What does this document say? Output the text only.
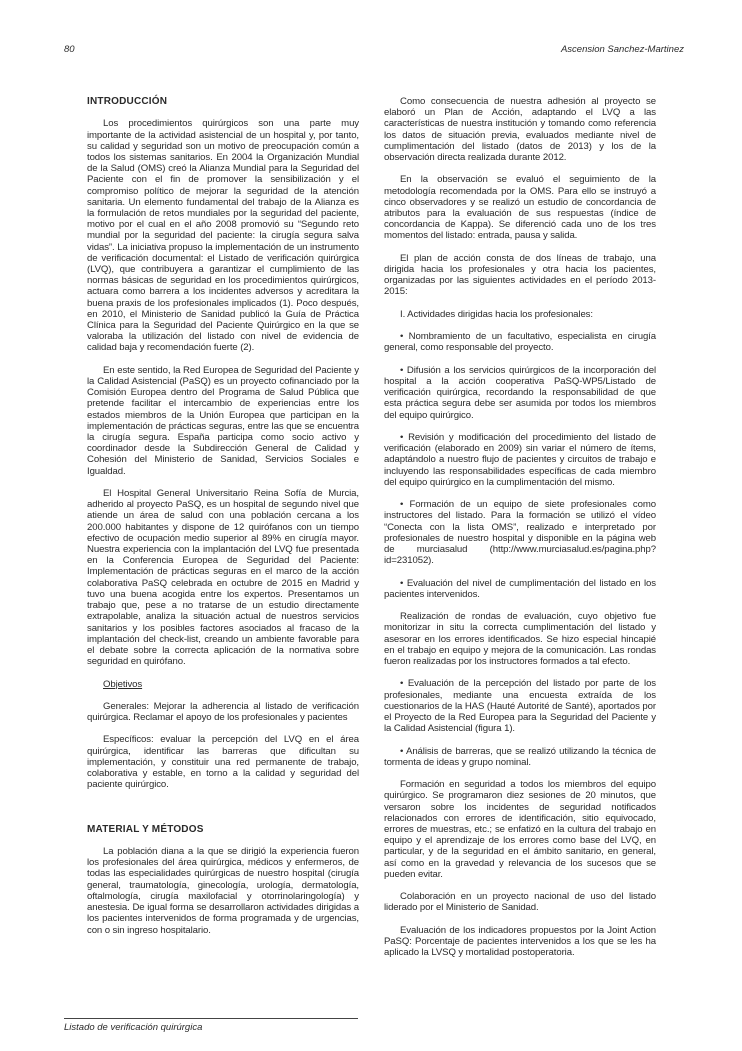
80	Ascension Sanchez-Martinez
INTRODUCCIÓN

Los procedimientos quirúrgicos son una parte muy importante de la actividad asistencial de un hospital y, por tanto, su calidad y seguridad son un motivo de preocupación común a todos los sistemas sanitarios. En 2004 la Organización Mundial de la Salud (OMS) creó la Alianza Mundial para la Seguridad del Paciente con el fin de promover la sensibilización y el compromiso político de mejorar la seguridad de la atención sanitaria. Un elemento fundamental del trabajo de la Alianza es la formulación de retos mundiales por la seguridad del paciente, motivo por el cual en el año 2008 promovió su “Segundo reto mundial por la seguridad del paciente: la cirugía segura salva vidas”. La iniciativa propuso la implementación de un instrumento de verificación documental: el Listado de verificación quirúrgica (LVQ), que contribuyera a garantizar el cumplimiento de las normas básicas de seguridad en los procedimientos quirúrgicos, actuara como barrera a los incidentes adversos y acreditara la buena praxis de los profesionales implicados (1). Poco después, en 2010, el Ministerio de Sanidad publicó la Guía de Práctica Clínica para la Seguridad del Paciente Quirúrgico en la que se valoraba la utilización del listado con nivel de evidencia de calidad baja y recomendación fuerte (2).

En este sentido, la Red Europea de Seguridad del Paciente y la Calidad Asistencial (PaSQ) es un proyecto cofinanciado por la Comisión Europea dentro del Programa de Salud Pública que pretende facilitar el intercambio de experiencias entre los estados miembros de la Unión Europea que participan en la implementación de prácticas seguras, entre las que se encuentra la cirugía segura. España participa como socio activo y coordinador desde la Subdirección General de Calidad y Cohesión del Ministerio de Sanidad, Servicios Sociales e Igualdad.

El Hospital General Universitario Reina Sofía de Murcia, adherido al proyecto PaSQ, es un hospital de segundo nivel que atiende un área de salud con una población cercana a los 200.000 habitantes y dispone de 12 quirófanos con un tiempo efectivo de ocupación medio superior al 89% en cirugía mayor. Nuestra experiencia con la implantación del LVQ fue presentada en la Conferencia Europea de Seguridad del Paciente: Implementación de prácticas seguras en el marco de la acción colaborativa PaSQ celebrada en octubre de 2015 en Madrid y tuvo una buena acogida entre los expertos. Presentamos un trabajo que, pese a no tratarse de un estudio directamente extrapolable, analiza la situación actual de nuestros servicios sanitarios y los posibles factores asociados al fracaso de la implantación del check-list, creando un ambiente favorable para el debate sobre la correcta aplicación de la normativa sobre seguridad en quirófano.

Objetivos

Generales: Mejorar la adherencia al listado de verificación quirúrgica. Reclamar el apoyo de los profesionales y pacientes

Específicos: evaluar la percepción del LVQ en el área quirúrgica, identificar las barreras que dificultan su implementación, y constituir una red permanente de trabajo, colaborativa y estable, en torno a la calidad y seguridad del paciente quirúrgico.

MATERIAL Y MÉTODOS

La población diana a la que se dirigió la experiencia fueron los profesionales del área quirúrgica, médicos y enfermeros, de todas las especialidades quirúrgicas de nuestro hospital (cirugía general, traumatología, ginecología, urología, dermatología, oftalmología, cirugía maxilofacial y otorrinolaringología) y anestesia. De igual forma se desarrollaron actividades dirigidas a los pacientes intervenidos de forma programada y de urgencias, con o sin ingreso hospitalario.

Como consecuencia de nuestra adhesión al proyecto se elaboró un Plan de Acción, adaptando el LVQ a las características de nuestra institución y tomando como referencia los datos de situación previa, evaluados mediante nivel de cumplimentación del listado (datos de 2013) y los de la observación directa realizada durante 2012.

En la observación se evaluó el seguimiento de la metodología recomendada por la OMS. Para ello se instruyó a cinco observadores y se realizó un estudio de concordancia de atributos para la evaluación de sus respuestas (índice de concordancia de Kappa). Se diferenció cada uno de los tres momentos del listado: entrada, pausa y salida.

El plan de acción consta de dos líneas de trabajo, una dirigida hacia los profesionales y otra hacia los pacientes, organizadas por las siguientes actividades en el período 2013-2015:

I. Actividades dirigidas hacia los profesionales:

• Nombramiento de un facultativo, especialista en cirugía general, como responsable del proyecto.

• Difusión a los servicios quirúrgicos de la incorporación del hospital a la acción cooperativa PaSQ-WP5/Listado de verificación quirúrgica, recordando la responsabilidad de que esta práctica segura debe ser asumida por todos los miembros del equipo quirúrgico.

• Revisión y modificación del procedimiento del listado de verificación (elaborado en 2009) sin variar el número de ítems, adaptándolo a nuestro flujo de pacientes y circuitos de trabajo e incluyendo las responsabilidades específicas de cada miembro del equipo quirúrgico en la cumplimentación del mismo.

• Formación de un equipo de siete profesionales como instructores del listado. Para la formación se utilizó el vídeo “Conecta con la lista OMS”, realizado e interpretado por profesionales de nuestro hospital y disponible en la página web de murciasalud (http://www.murciasalud.es/pagina.php?id=231052).

• Evaluación del nivel de cumplimentación del listado en los pacientes intervenidos.

Realización de rondas de evaluación, cuyo objetivo fue monitorizar in situ la correcta cumplimentación del listado y asesorar en los errores identificados. Se hizo especial hincapié en el trabajo en equipo y mejora de la comunicación. Las rondas fueron realizadas por los instructores formados a tal efecto.

• Evaluación de la percepción del listado por parte de los profesionales, mediante una encuesta extraída de los cuestionarios de la HAS (Hauté Autorité de Santé), aportados por el Proyecto de la Red Europea para la Seguridad del Paciente y la Calidad Asistencial (figura 1).

• Análisis de barreras, que se realizó utilizando la técnica de tormenta de ideas y grupo nominal.

Formación en seguridad a todos los miembros del equipo quirúrgico. Se programaron diez sesiones de 20 minutos, que versaron sobre los incidentes de seguridad notificados relacionados con errores de identificación, sitio equivocado, errores de muestras, etc.; se enfatizó en la cultura del trabajo en equipo y el aprendizaje de los errores como base del LVQ, en particular, y de la seguridad en el ámbito sanitario, en general, así como en la gravedad y relevancia de los sucesos que se pueden evitar.

Colaboración en un proyecto nacional de uso del listado liderado por el Ministerio de Sanidad.

Evaluación de los indicadores propuestos por la Joint Action PaSQ: Porcentaje de pacientes intervenidos a los que se les ha aplicado la LVSQ y mortalidad postoperatoria.

Listado de verificación quirúrgica
